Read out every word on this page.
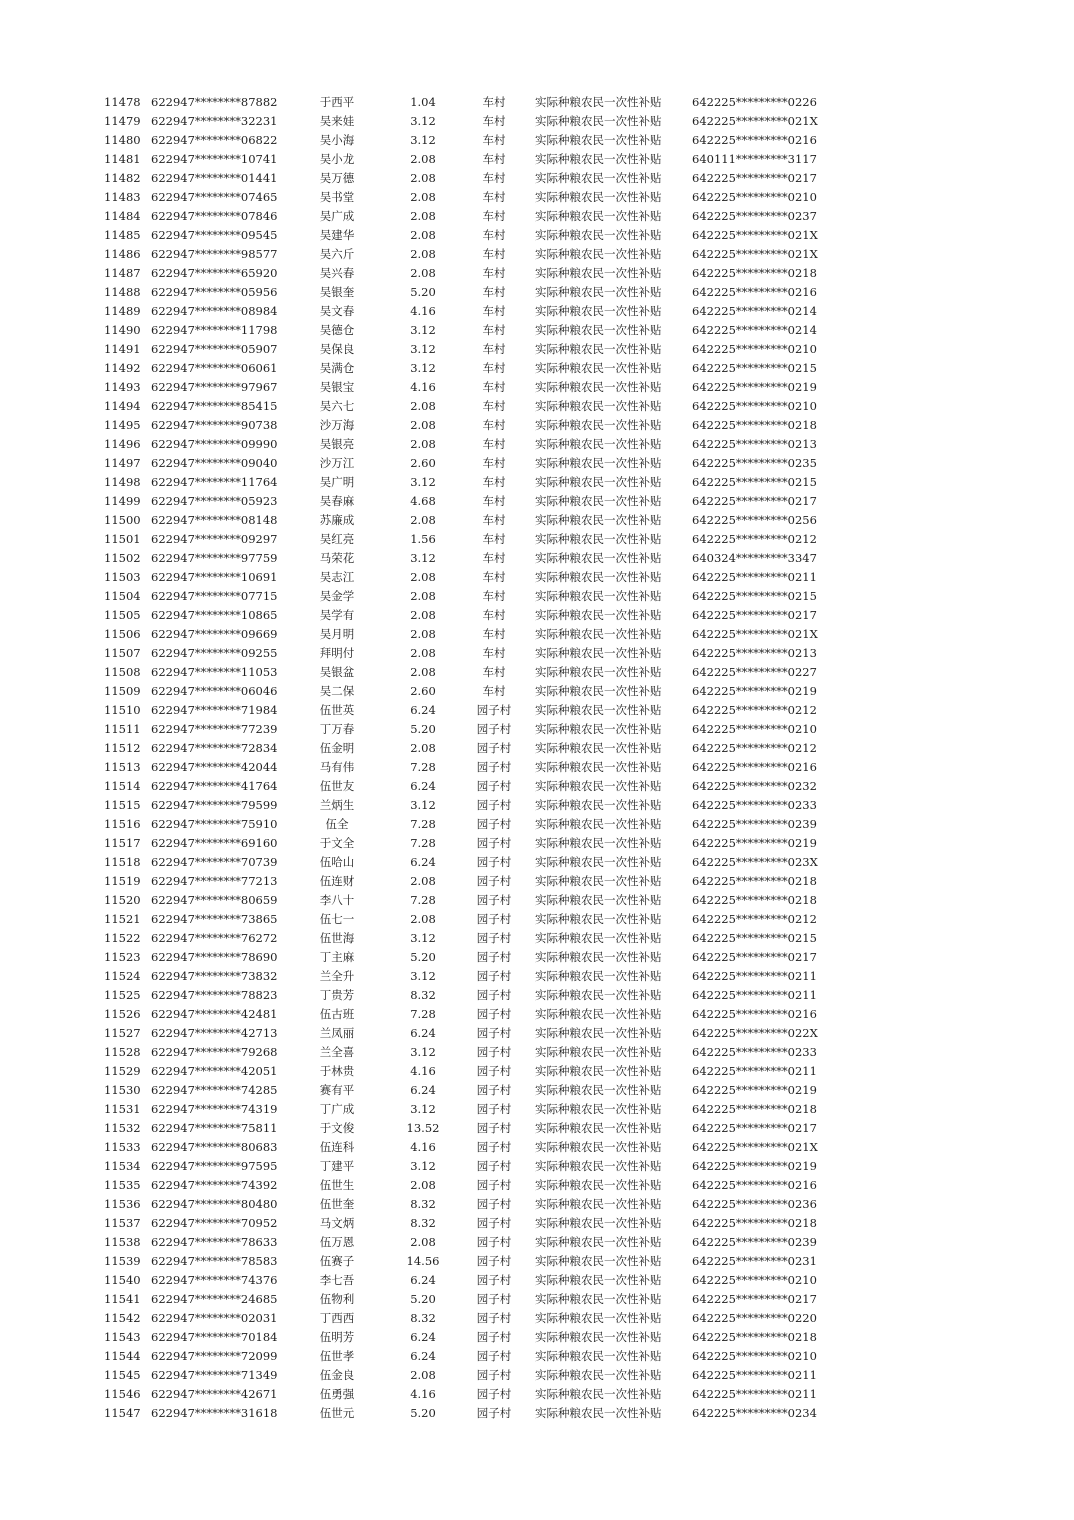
11478 622947********87882	于西平	1.04	车村	实际种粮农民一次性补贴	642225*********0226
11479 622947********32231	吴来娃	3.12	车村	实际种粮农民一次性补贴	642225*********021X
11480 622947********06822	吴小海	3.12	车村	实际种粮农民一次性补贴	642225*********0216
11481 622947********10741	吴小龙	2.08	车村	实际种粮农民一次性补贴	640111*********3117
11482 622947********01441	吴万德	2.08	车村	实际种粮农民一次性补贴	642225*********0217
11483 622947********07465	吴书堂	2.08	车村	实际种粮农民一次性补贴	642225*********0210
11484 622947********07846	吴广成	2.08	车村	实际种粮农民一次性补贴	642225*********0237
11485 622947********09545	吴建华	2.08	车村	实际种粮农民一次性补贴	642225*********021X
11486 622947********98577	吴六斤	2.08	车村	实际种粮农民一次性补贴	642225*********021X
11487 622947********65920	吴兴春	2.08	车村	实际种粮农民一次性补贴	642225*********0218
11488 622947********05956	吴银奎	5.20	车村	实际种粮农民一次性补贴	642225*********0216
11489 622947********08984	吴文春	4.16	车村	实际种粮农民一次性补贴	642225*********0214
11490 622947********11798	吴德仓	3.12	车村	实际种粮农民一次性补贴	642225*********0214
11491 622947********05907	吴保良	3.12	车村	实际种粮农民一次性补贴	642225*********0210
11492 622947********06061	吴满仓	3.12	车村	实际种粮农民一次性补贴	642225*********0215
11493 622947********97967	吴银宝	4.16	车村	实际种粮农民一次性补贴	642225*********0219
11494 622947********85415	吴六七	2.08	车村	实际种粮农民一次性补贴	642225*********0210
11495 622947********90738	沙万海	2.08	车村	实际种粮农民一次性补贴	642225*********0218
11496 622947********09990	吴银亮	2.08	车村	实际种粮农民一次性补贴	642225*********0213
11497 622947********09040	沙万江	2.60	车村	实际种粮农民一次性补贴	642225*********0235
11498 622947********11764	吴广明	3.12	车村	实际种粮农民一次性补贴	642225*********0215
11499 622947********05923	吴春麻	4.68	车村	实际种粮农民一次性补贴	642225*********0217
11500 622947********08148	苏廉成	2.08	车村	实际种粮农民一次性补贴	642225*********0256
11501 622947********09297	吴红亮	1.56	车村	实际种粮农民一次性补贴	642225*********0212
11502 622947********97759	马荣花	3.12	车村	实际种粮农民一次性补贴	640324*********3347
11503 622947********10691	吴志江	2.08	车村	实际种粮农民一次性补贴	642225*********0211
11504 622947********07715	吴金学	2.08	车村	实际种粮农民一次性补贴	642225*********0215
11505 622947********10865	吴学有	2.08	车村	实际种粮农民一次性补贴	642225*********0217
11506 622947********09669	吴月明	2.08	车村	实际种粮农民一次性补贴	642225*********021X
11507 622947********09255	拜明付	2.08	车村	实际种粮农民一次性补贴	642225*********0213
11508 622947********11053	吴银盆	2.08	车村	实际种粮农民一次性补贴	642225*********0227
11509 622947********06046	吴二保	2.60	车村	实际种粮农民一次性补贴	642225*********0219
11510 622947********71984	伍世英	6.24	园子村	实际种粮农民一次性补贴	642225*********0212
11511 622947********77239	丁万春	5.20	园子村	实际种粮农民一次性补贴	642225*********0210
11512 622947********72834	伍金明	2.08	园子村	实际种粮农民一次性补贴	642225*********0212
11513 622947********42044	马有伟	7.28	园子村	实际种粮农民一次性补贴	642225*********0216
11514 622947********41764	伍世友	6.24	园子村	实际种粮农民一次性补贴	642225*********0232
11515 622947********79599	兰炳生	3.12	园子村	实际种粮农民一次性补贴	642225*********0233
11516 622947********75910	伍全	7.28	园子村	实际种粮农民一次性补贴	642225*********0239
11517 622947********69160	于文全	7.28	园子村	实际种粮农民一次性补贴	642225*********0219
11518 622947********70739	伍哈山	6.24	园子村	实际种粮农民一次性补贴	642225*********023X
11519 622947********77213	伍连财	2.08	园子村	实际种粮农民一次性补贴	642225*********0218
11520 622947********80659	李八十	7.28	园子村	实际种粮农民一次性补贴	642225*********0218
11521 622947********73865	伍七一	2.08	园子村	实际种粮农民一次性补贴	642225*********0212
11522 622947********76272	伍世海	3.12	园子村	实际种粮农民一次性补贴	642225*********0215
11523 622947********78690	丁主麻	5.20	园子村	实际种粮农民一次性补贴	642225*********0217
11524 622947********73832	兰全升	3.12	园子村	实际种粮农民一次性补贴	642225*********0211
11525 622947********78823	丁贵芳	8.32	园子村	实际种粮农民一次性补贴	642225*********0211
11526 622947********42481	伍古班	7.28	园子村	实际种粮农民一次性补贴	642225*********0216
11527 622947********42713	兰凤丽	6.24	园子村	实际种粮农民一次性补贴	642225*********022X
11528 622947********79268	兰全喜	3.12	园子村	实际种粮农民一次性补贴	642225*********0233
11529 622947********42051	于林贵	4.16	园子村	实际种粮农民一次性补贴	642225*********0211
11530 622947********74285	赛有平	6.24	园子村	实际种粮农民一次性补贴	642225*********0219
11531 622947********74319	丁广成	3.12	园子村	实际种粮农民一次性补贴	642225*********0218
11532 622947********75811	于文俊	13.52	园子村	实际种粮农民一次性补贴	642225*********0217
11533 622947********80683	伍连科	4.16	园子村	实际种粮农民一次性补贴	642225*********021X
11534 622947********97595	丁建平	3.12	园子村	实际种粮农民一次性补贴	642225*********0219
11535 622947********74392	伍世生	2.08	园子村	实际种粮农民一次性补贴	642225*********0216
11536 622947********80480	伍世奎	8.32	园子村	实际种粮农民一次性补贴	642225*********0236
11537 622947********70952	马文炳	8.32	园子村	实际种粮农民一次性补贴	642225*********0218
11538 622947********78633	伍万恩	2.08	园子村	实际种粮农民一次性补贴	642225*********0239
11539 622947********78583	伍赛子	14.56	园子村	实际种粮农民一次性补贴	642225*********0231
11540 622947********74376	李七吾	6.24	园子村	实际种粮农民一次性补贴	642225*********0210
11541 622947********24685	伍物利	5.20	园子村	实际种粮农民一次性补贴	642225*********0217
11542 622947********02031	丁西西	8.32	园子村	实际种粮农民一次性补贴	642225*********0220
11543 622947********70184	伍明芳	6.24	园子村	实际种粮农民一次性补贴	642225*********0218
11544 622947********72099	伍世孝	6.24	园子村	实际种粮农民一次性补贴	642225*********0210
11545 622947********71349	伍金良	2.08	园子村	实际种粮农民一次性补贴	642225*********0211
11546 622947********42671	伍勇强	4.16	园子村	实际种粮农民一次性补贴	642225*********0211
11547 622947********31618	伍世元	5.20	园子村	实际种粮农民一次性补贴	642225*********0234
